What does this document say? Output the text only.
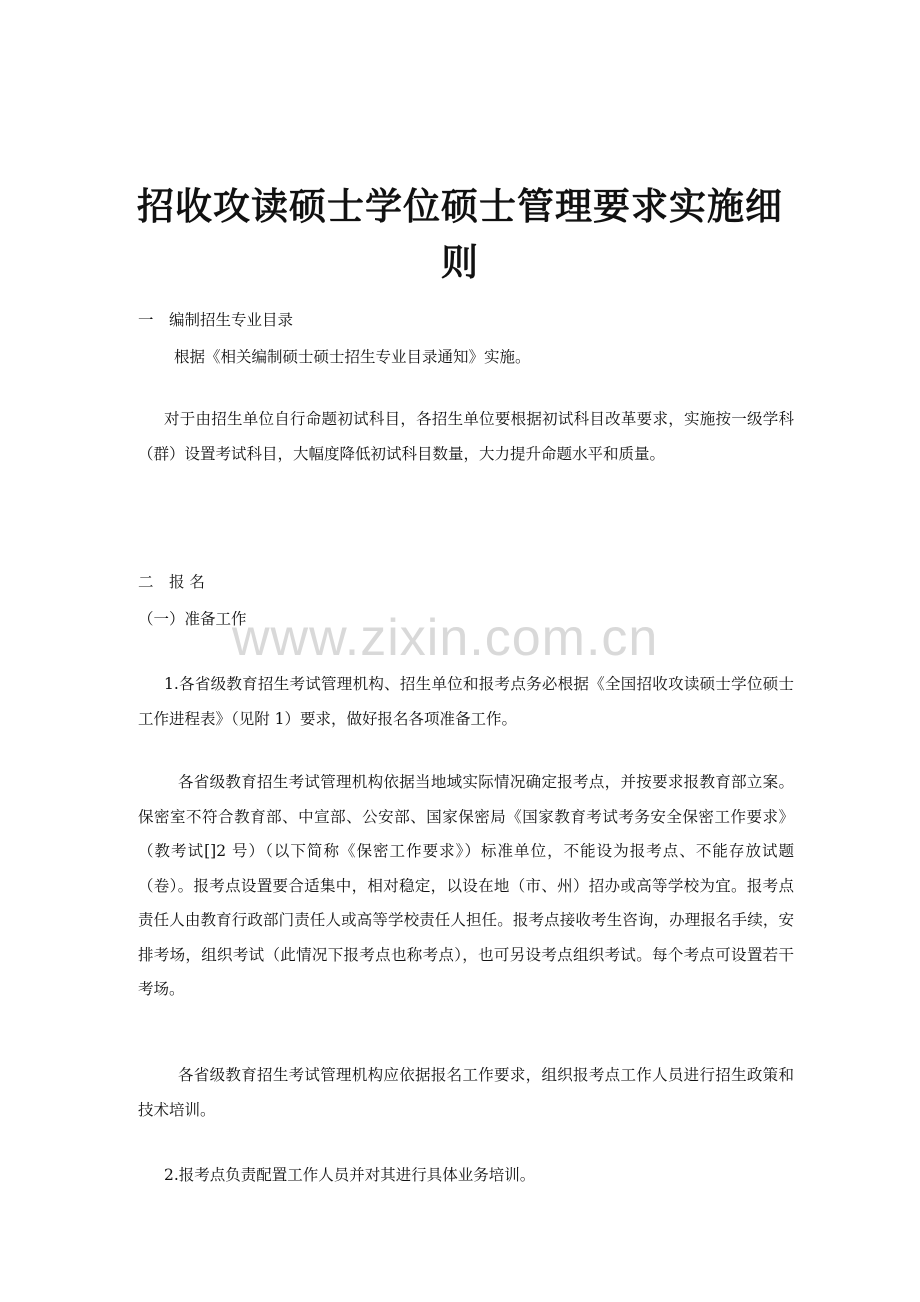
www.zixin.com.cn
招收攻读硕士学位硕士管理要求实施细则
一　编制招生专业目录
根据《相关编制硕士硕士招生专业目录通知》实施。

对于由招生单位自行命题初试科目，各招生单位要根据初试科目改革要求，实施按一级学科（群）设置考试科目，大幅度降低初试科目数量，大力提升命题水平和质量。

二　报 名
（一）准备工作

1.各省级教育招生考试管理机构、招生单位和报考点务必根据《全国招收攻读硕士学位硕士工作进程表》（见附 1）要求，做好报名各项准备工作。

各省级教育招生考试管理机构依据当地域实际情况确定报考点，并按要求报教育部立案。保密室不符合教育部、中宣部、公安部、国家保密局《国家教育考试考务安全保密工作要求》（教考试[]2 号）（以下简称《保密工作要求》）标准单位，不能设为报考点、不能存放试题（卷）。报考点设置要合适集中，相对稳定，以设在地（市、州）招办或高等学校为宜。报考点责任人由教育行政部门责任人或高等学校责任人担任。报考点接收考生咨询，办理报名手续，安排考场，组织考试（此情况下报考点也称考点），也可另设考点组织考试。每个考点可设置若干考场。

各省级教育招生考试管理机构应依据报名工作要求，组织报考点工作人员进行招生政策和技术培训。

2.报考点负责配置工作人员并对其进行具体业务培训。
